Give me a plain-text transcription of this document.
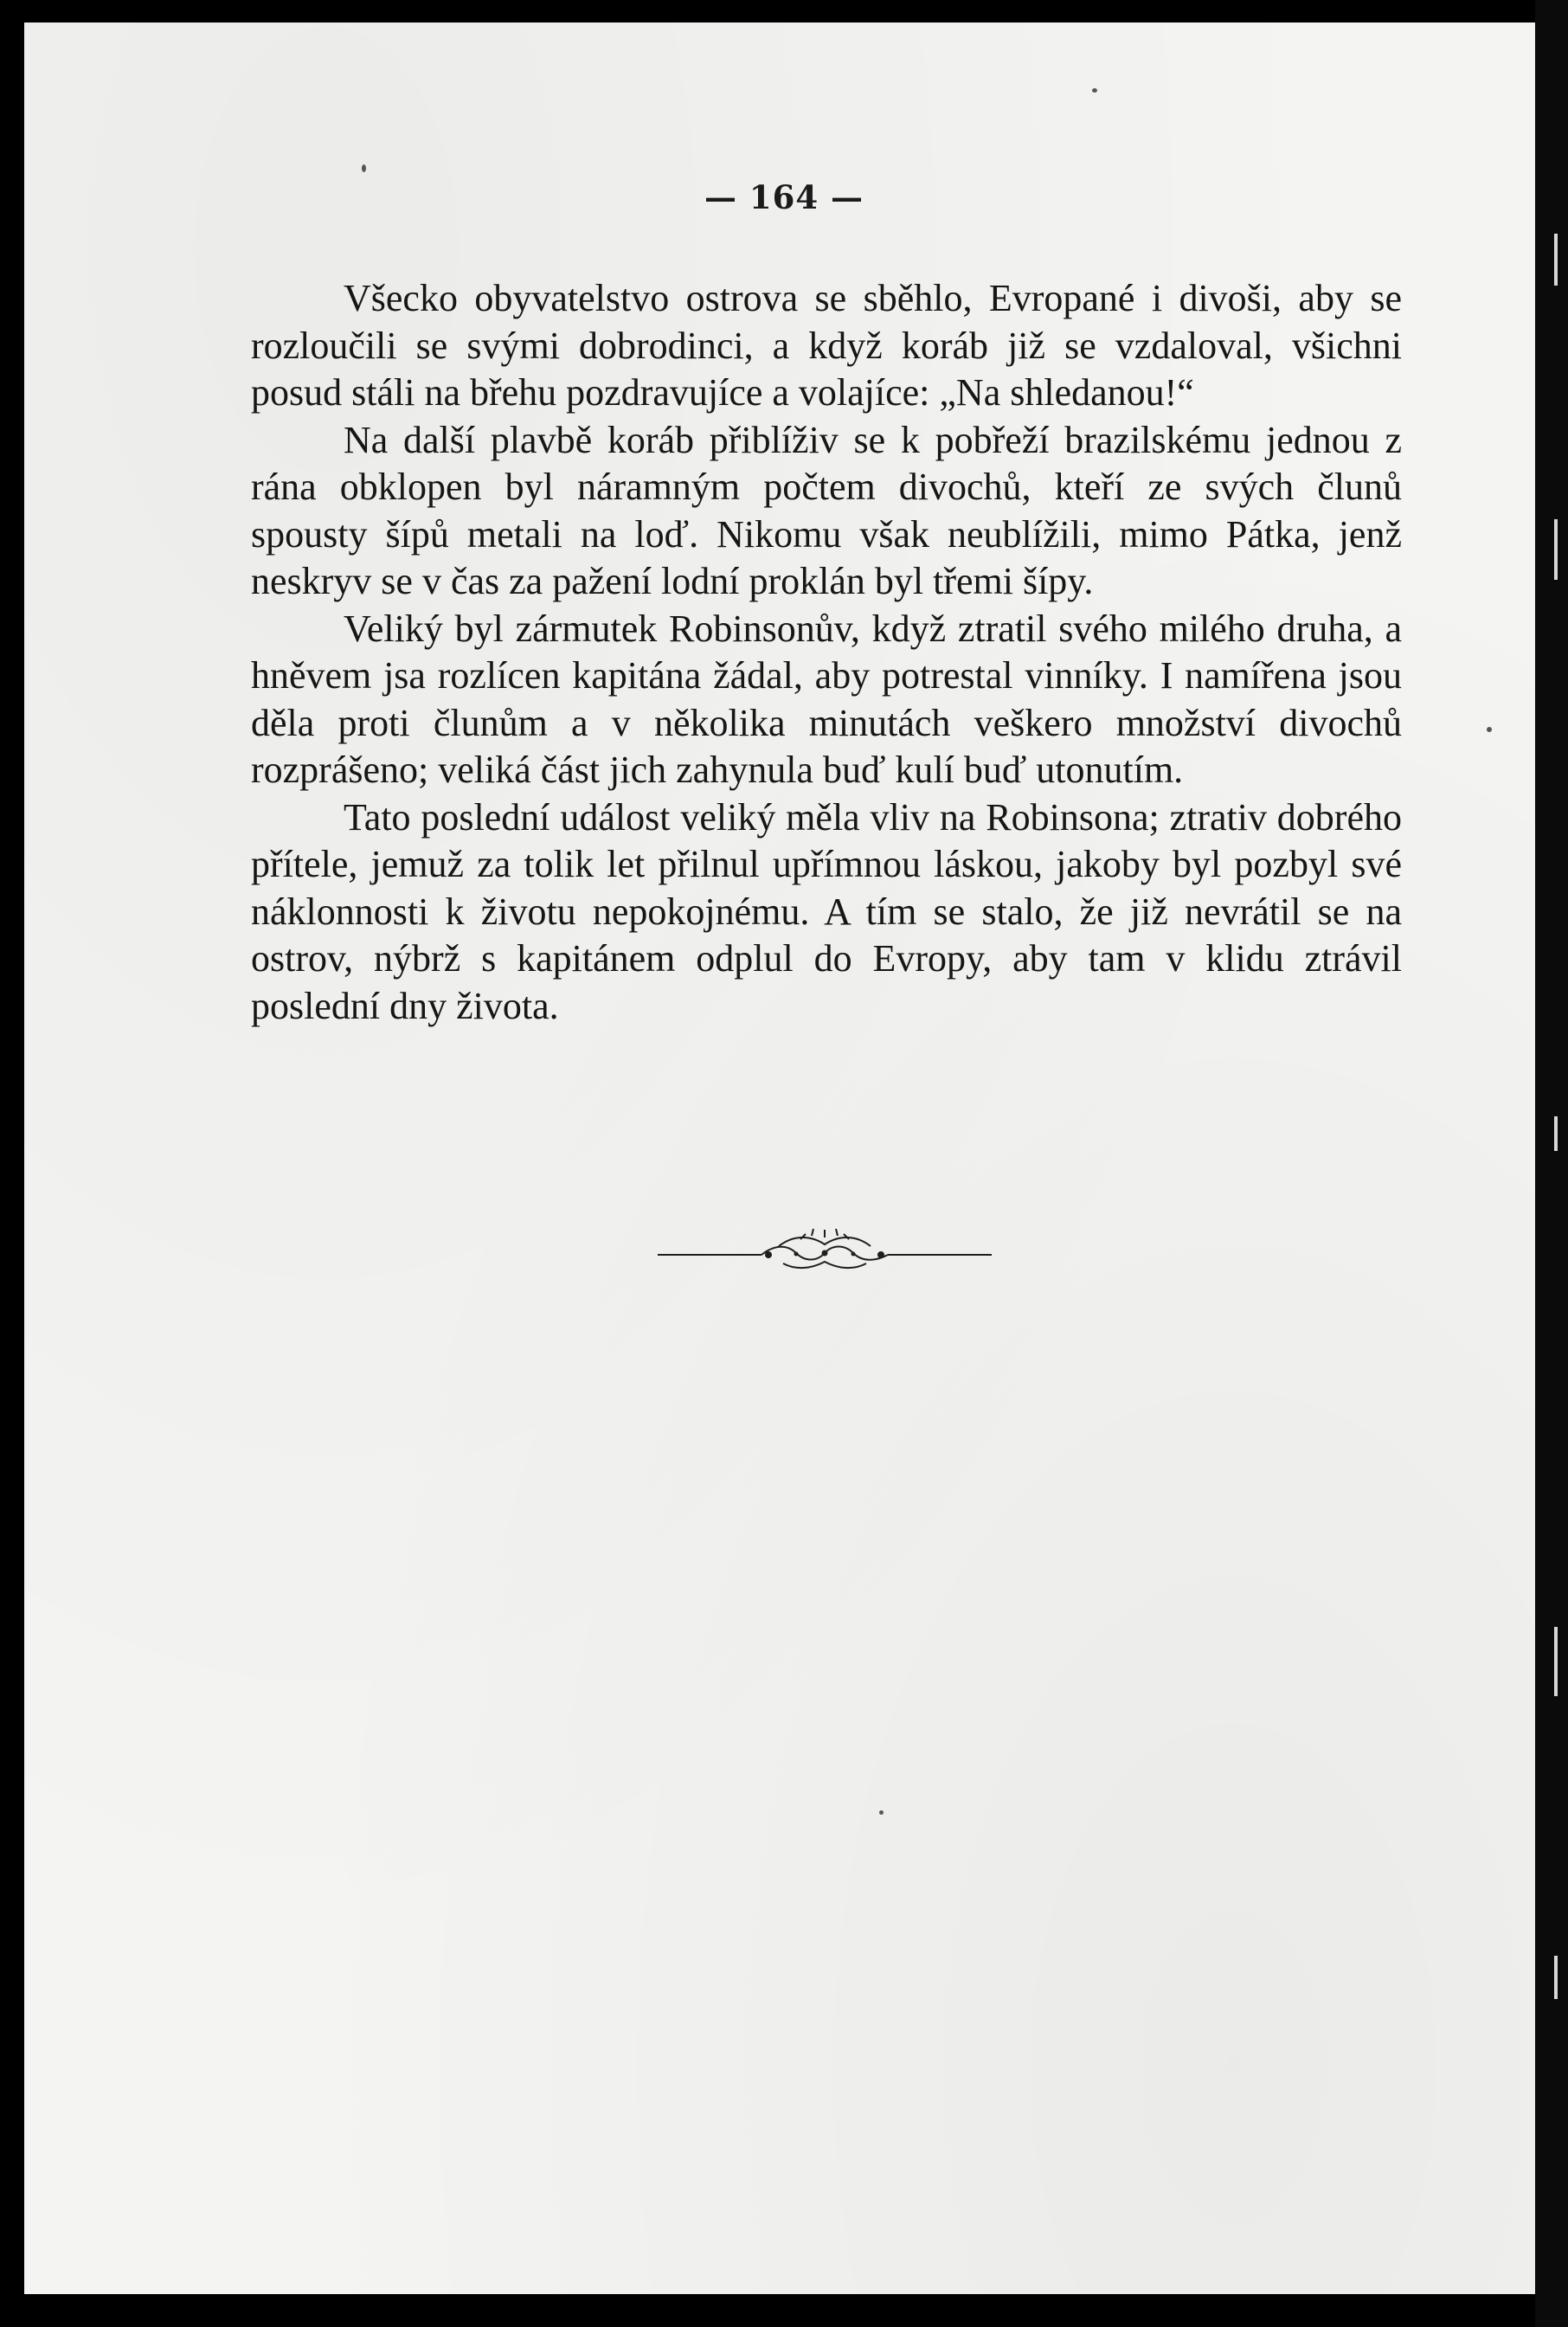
— 164 —

Všecko obyvatelstvo ostrova se sběhlo, Evropané i divoši, aby se rozloučili se svými dobrodinci, a když koráb již se vzdaloval, všichni posud stáli na břehu pozdravujíce a volajíce: „Na shledanou!“

Na další plavbě koráb přiblíživ se k pobřeží brazilskému jednou z rána obklopen byl náramným počtem divochů, kteří ze svých člunů spousty šípů metali na loď. Nikomu však neublížili, mimo Pátka, jenž neskryv se v čas za pažení lodní proklán byl třemi šípy.

Veliký byl zármutek Robinsonův, když ztratil svého milého druha, a hněvem jsa rozlícen kapitána žádal, aby potrestal vinníky. I namířena jsou děla proti člunům a v několika minutách veškero množství divochů rozprášeno; veliká část jich zahynula buď kulí buď utonutím.

Tato poslední událost veliký měla vliv na Robinsona; ztrativ dobrého přítele, jemuž za tolik let přilnul upřímnou láskou, jakoby byl pozbyl své náklonnosti k životu nepokojnému. A tím se stalo, že již nevrátil se na ostrov, nýbrž s kapitánem odplul do Evropy, aby tam v klidu ztrávil poslední dny života.
